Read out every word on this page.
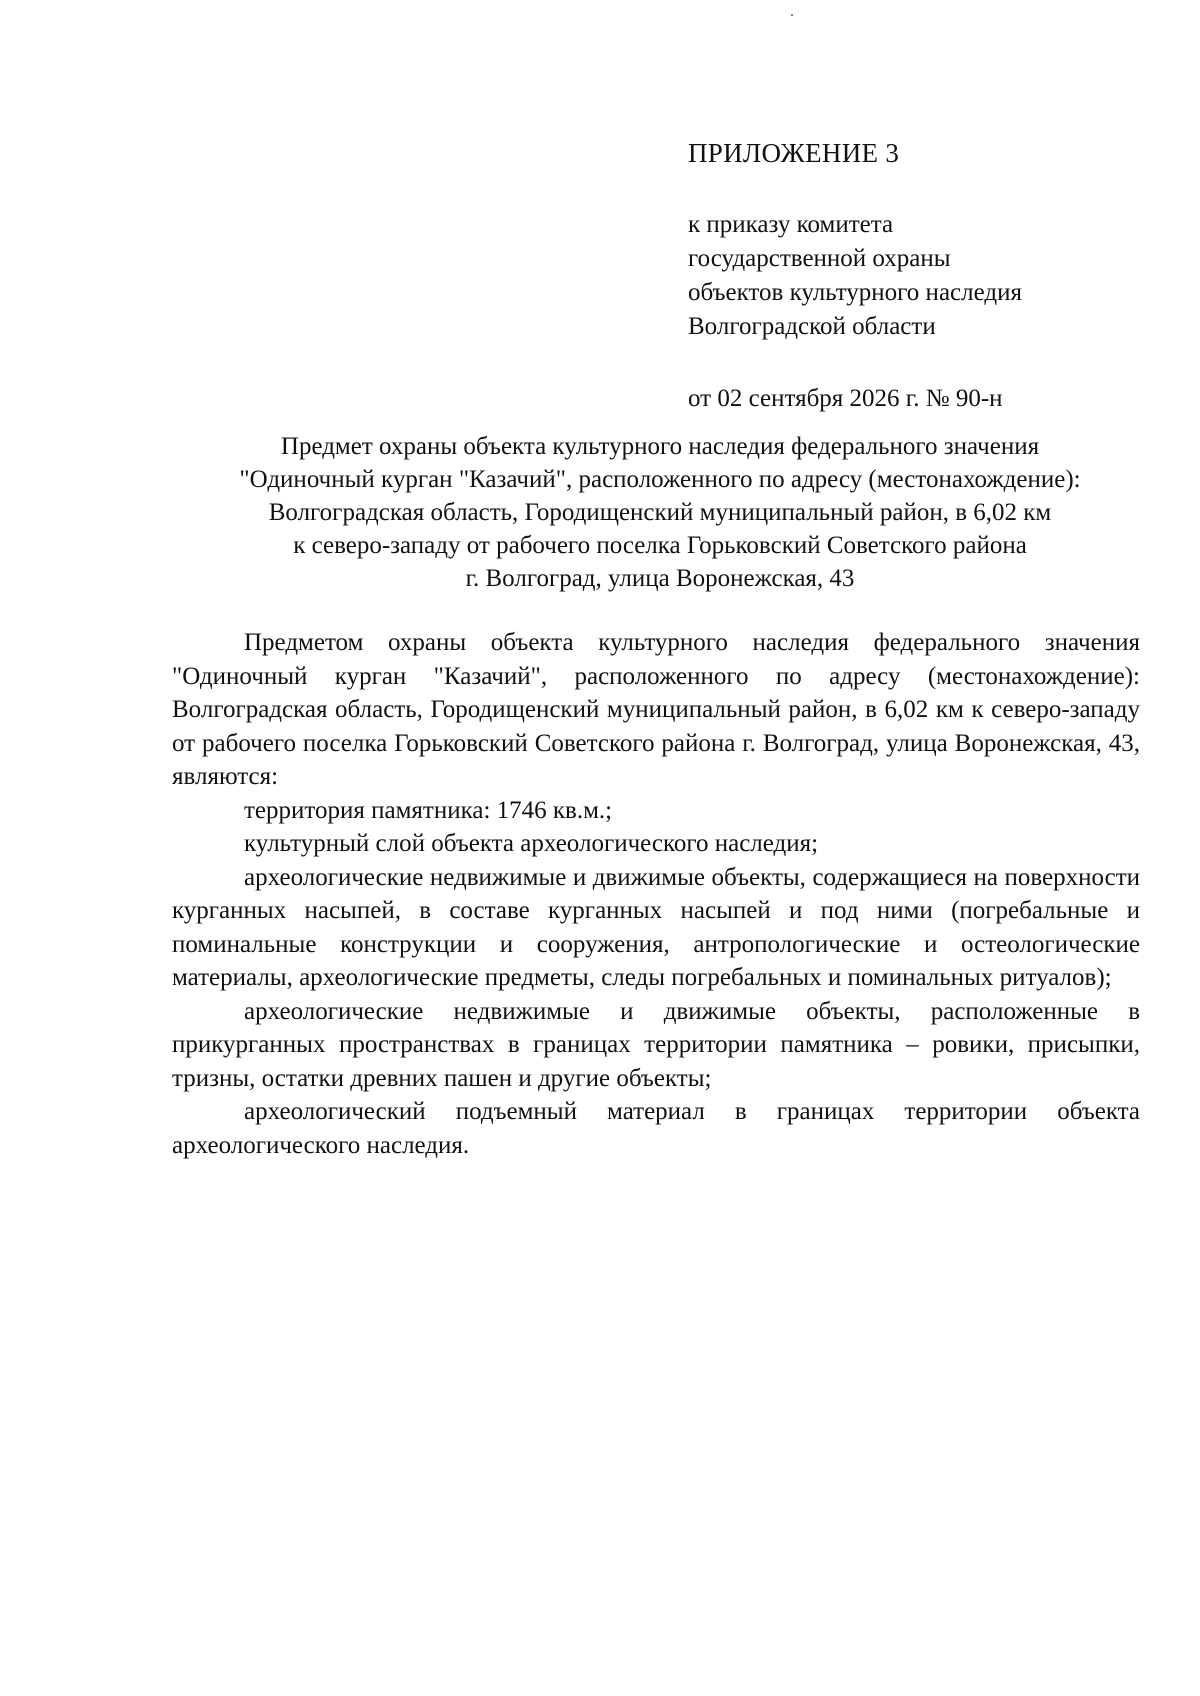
ПРИЛОЖЕНИЕ 3

к приказу комитета

государственной охраны

объектов культурного наследия

Волгоградской области

от 02 сентября 2026 г. № 90-н

Предмет охраны объекта культурного наследия федерального значения

"Одиночный курган "Казачий", расположенного по адресу (местонахождение):

Волгоградская область, Городищенский муниципальный район, в 6,02 км

к северо-западу от рабочего поселка Горьковский Советского района

г. Волгоград, улица Воронежская, 43

Предметом охраны объекта культурного наследия федерального значения "Одиночный курган "Казачий", расположенного по адресу (местонахождение): Волгоградская область, Городищенский муниципальный район, в 6,02 км к северо-западу от рабочего поселка Горьковский Советского района г. Волгоград, улица Воронежская, 43, являются:

территория памятника: 1746 кв.м.;

культурный слой объекта археологического наследия;

археологические недвижимые и движимые объекты, содержащиеся на поверхности курганных насыпей, в составе курганных насыпей и под ними (погребальные и поминальные конструкции и сооружения, антропологические и остеологические материалы, археологические предметы, следы погребальных и поминальных ритуалов);

археологические недвижимые и движимые объекты, расположенные в прикурганных пространствах в границах территории памятника – ровики, присыпки, тризны, остатки древних пашен и другие объекты;

археологический подъемный материал в границах территории объекта археологического наследия.
